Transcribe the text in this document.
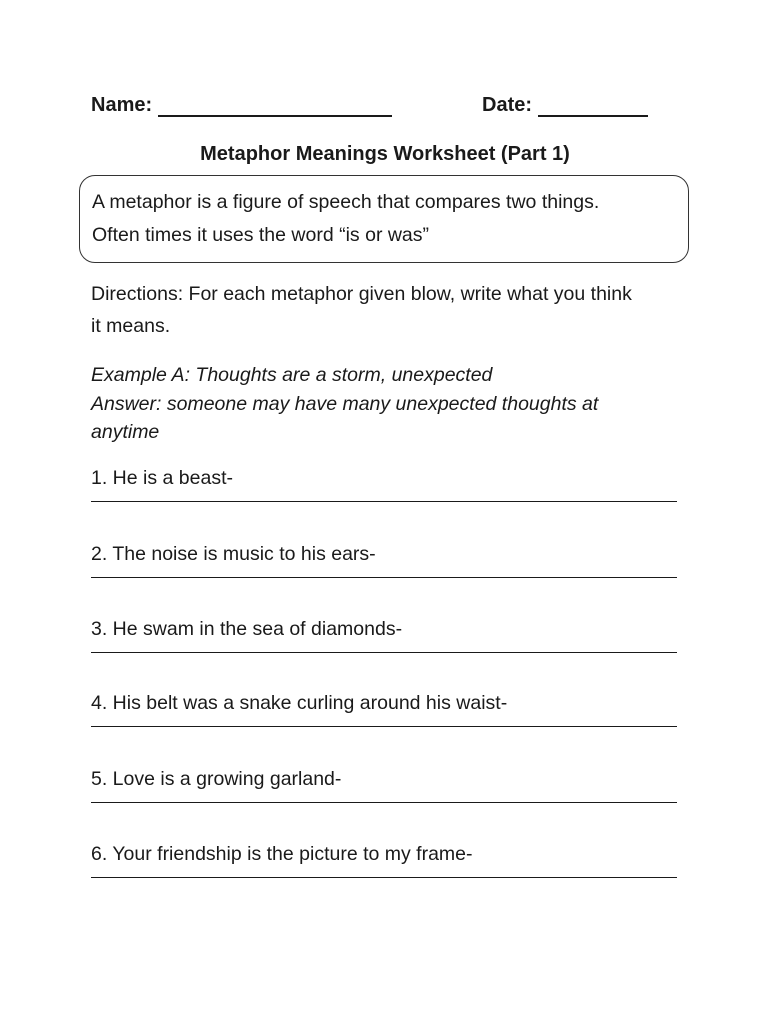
Name:	Date:
Metaphor Meanings Worksheet (Part 1)
A metaphor is a figure of speech that compares two things.
Often times it uses the word “is or was”
Directions: For each metaphor given blow, write what you think
it means.
Example A: Thoughts are a storm, unexpected
Answer: someone may have many unexpected thoughts at
anytime
1. He is a beast-
2. The noise is music to his ears-
3. He swam in the sea of diamonds-
4. His belt was a snake curling around his waist-
5. Love is a growing garland-
6. Your friendship is the picture to my frame-
